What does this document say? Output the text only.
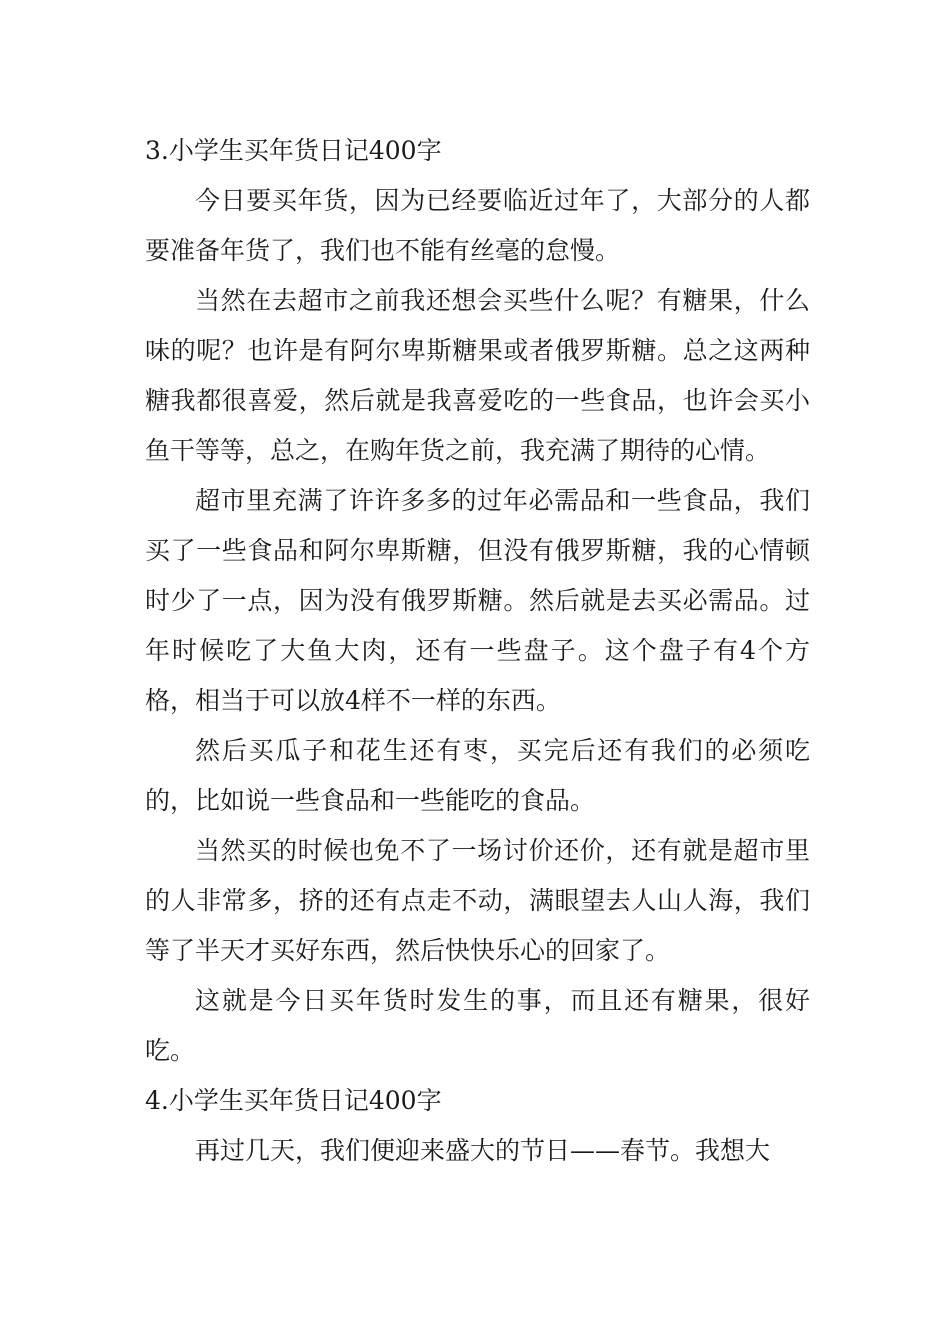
3.小学生买年货日记400字

今日要买年货，因为已经要临近过年了，大部分的人都要准备年货了，我们也不能有丝毫的怠慢。

当然在去超市之前我还想会买些什么呢？有糖果，什么味的呢？也许是有阿尔卑斯糖果或者俄罗斯糖。总之这两种糖我都很喜爱，然后就是我喜爱吃的一些食品，也许会买小鱼干等等，总之，在购年货之前，我充满了期待的心情。

超市里充满了许许多多的过年必需品和一些食品，我们买了一些食品和阿尔卑斯糖，但没有俄罗斯糖，我的心情顿时少了一点，因为没有俄罗斯糖。然后就是去买必需品。过年时候吃了大鱼大肉，还有一些盘子。这个盘子有4个方格，相当于可以放4样不一样的东西。

然后买瓜子和花生还有枣，买完后还有我们的必须吃的，比如说一些食品和一些能吃的食品。

当然买的时候也免不了一场讨价还价，还有就是超市里的人非常多，挤的还有点走不动，满眼望去人山人海，我们等了半天才买好东西，然后快快乐心的回家了。

这就是今日买年货时发生的事，而且还有糖果，很好吃。

4.小学生买年货日记400字

再过几天，我们便迎来盛大的节日——春节。我想大
